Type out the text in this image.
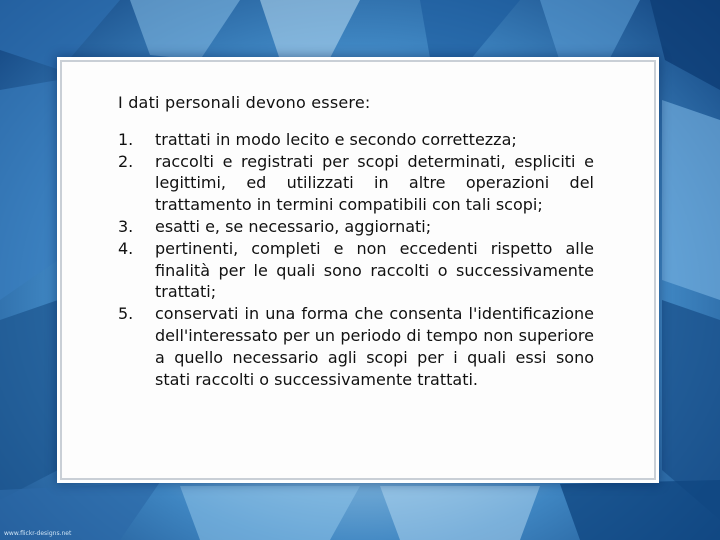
I dati personali devono essere:

1.	trattati in modo lecito e secondo correttezza;
2.	raccolti e registrati per scopi determinati, espliciti e legittimi, ed utilizzati in altre operazioni del trattamento in termini compatibili con tali scopi;
3.	esatti e, se necessario, aggiornati;
4.	pertinenti, completi e non eccedenti rispetto alle finalità per le quali sono raccolti o successivamente trattati;
5.	conservati in una forma che consenta l'identificazione dell'interessato per un periodo di tempo non superiore a quello necessario agli scopi per i quali essi sono stati raccolti o successivamente trattati.
www.flickr-designs.net
